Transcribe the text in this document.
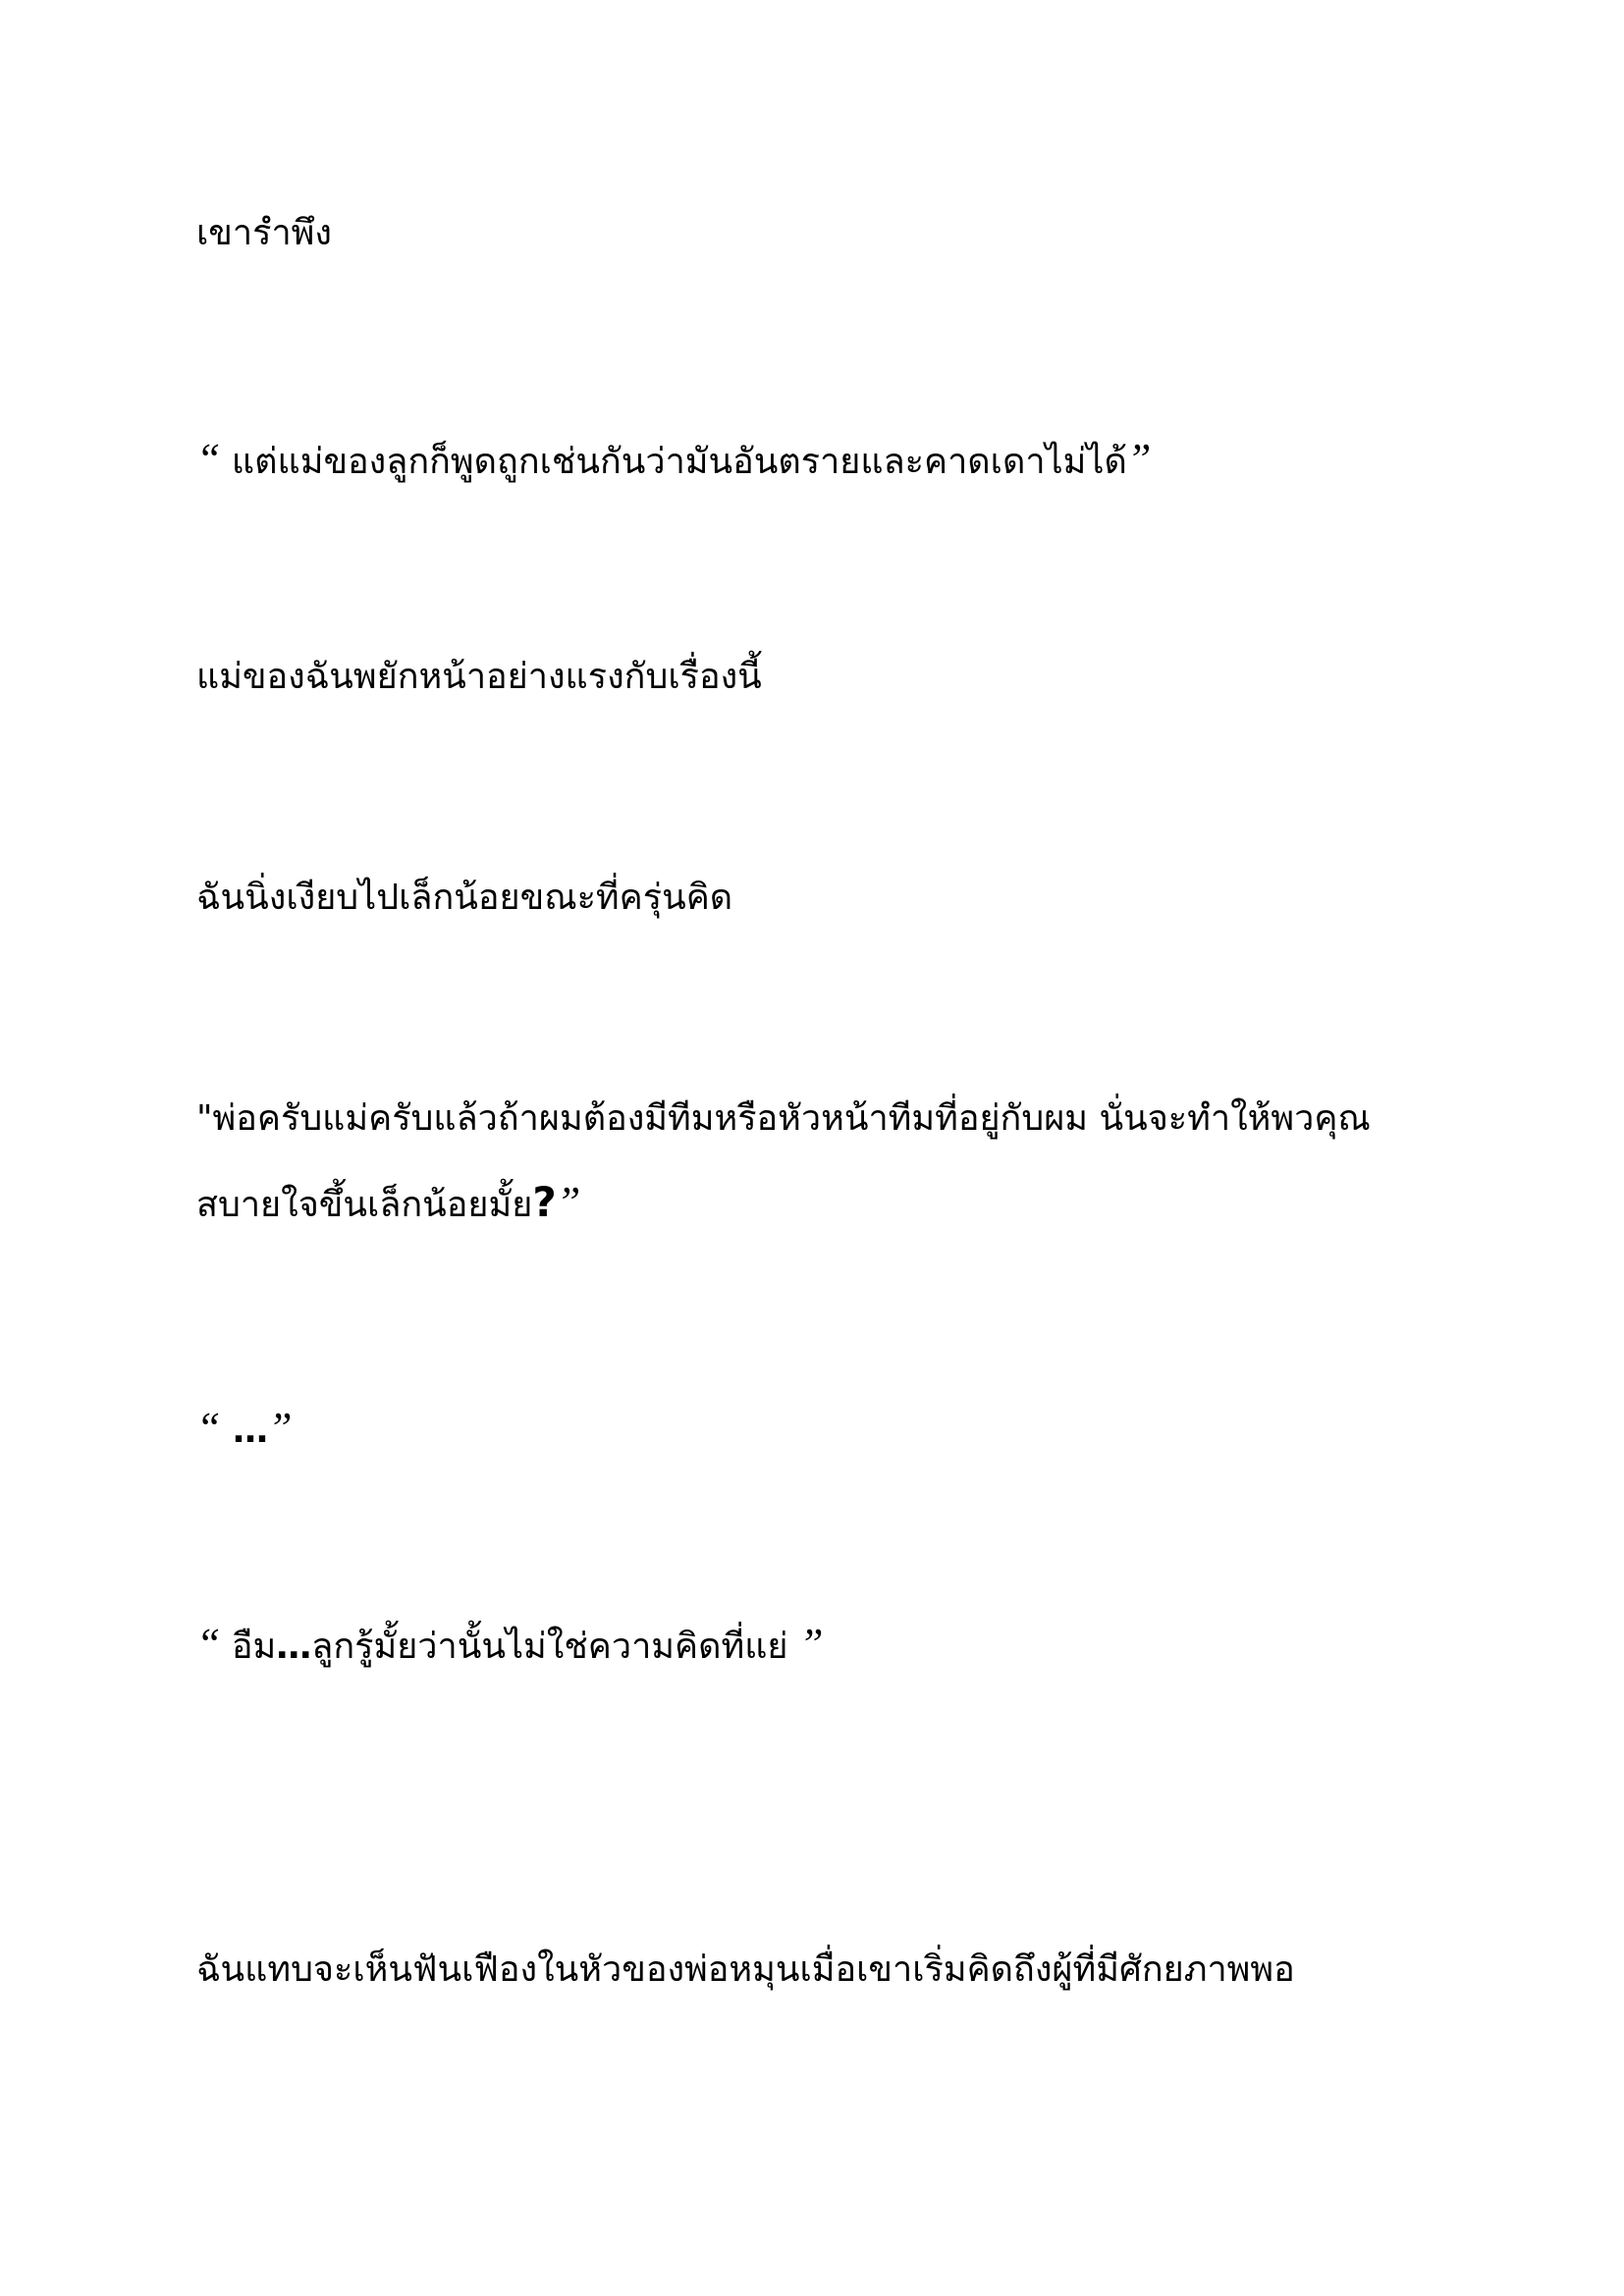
เขารำพึง

“ แต่แม่ของลูกก็พูดถูกเช่นกันว่ามันอันตรายและคาดเดาไม่ได้”

แม่ของฉันพยักหน้าอย่างแรงกับเรื่องนี้

ฉันนิ่งเงียบไปเล็กน้อยขณะที่ครุ่นคิด

"พ่อครับแม่ครับแล้วถ้าผมต้องมีทีมหรือหัวหน้าทีมที่อยู่กับผม นั่นจะทำให้พวคุณ

สบายใจขึ้นเล็กน้อยมั้ย?”

“ …”

“ อืม…ลูกรู้มั้ยว่านั้นไม่ใช่ความคิดที่แย่ ”

ฉันแทบจะเห็นฟันเฟืองในหัวของพ่อหมุนเมื่อเขาเริ่มคิดถึงผู้ที่มีศักยภาพพอ
